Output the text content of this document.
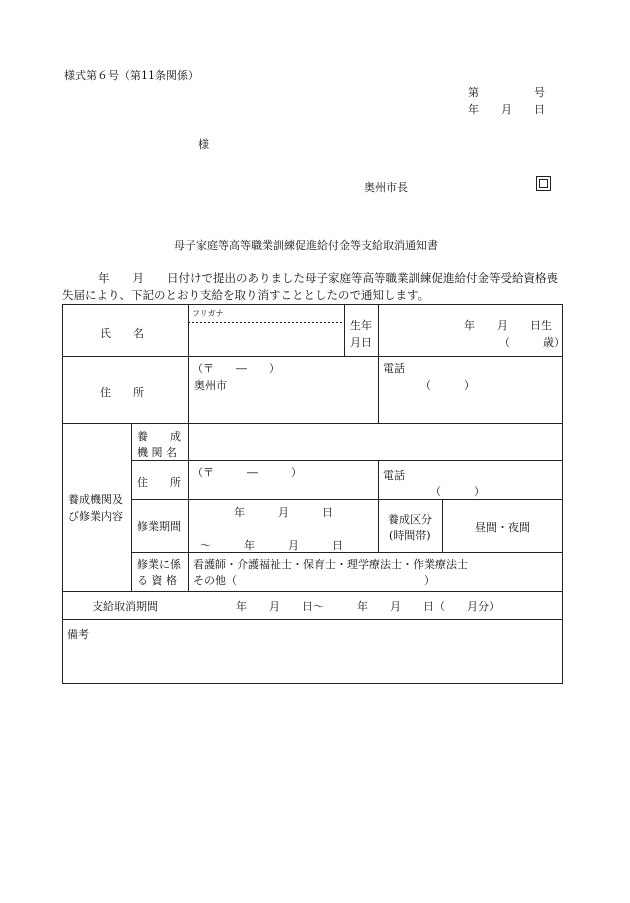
様式第６号（第11条関係）
第　　　　　号
年　　月　　日
様
奥州市長
母子家庭等高等職業訓練促進給付金等支給取消通知書
年　　月　　日付けで提出のありました母子家庭等高等職業訓練促進給付金等受給資格喪
失届により、下記のとおり支給を取り消すこととしたので通知します。
氏　　名
フリガナ
生年
月日
年　　月　　日生
（　　　歳）
住　　所
（〒　　―　　）
奥州市
電話
（　　　）
養成機関及
び修業内容
養　　成
機 関 名
住　　所
（〒　　　―　　　）	電話
（　　　）
修業期間
年　　　月　　　日
～　　　年　　　月　　　日
養成区分
(時間帯)
昼間・夜間
修業に係
る 資 格
看護師・介護福祉士・保育士・理学療法士・作業療法士
その他（　　　　　　　　　　　　　　　　　）
支給取消期間	年　　月　　日～　　　年　　月　　日（　　月分）
備考
